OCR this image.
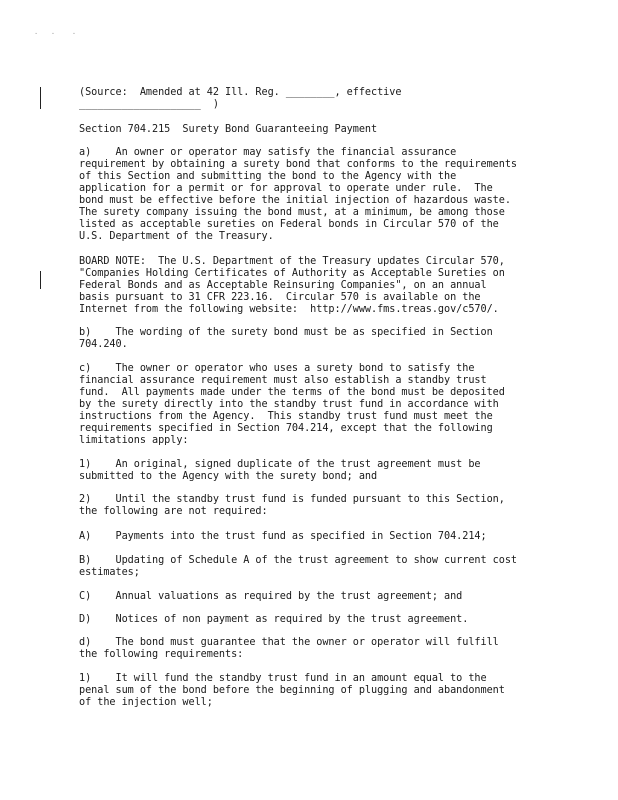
·   ·    ·
(Source:  Amended at 42 Ill. Reg. ________, effective
____________________  )
Section 704.215  Surety Bond Guaranteeing Payment
a)    An owner or operator may satisfy the financial assurance
requirement by obtaining a surety bond that conforms to the requirements
of this Section and submitting the bond to the Agency with the
application for a permit or for approval to operate under rule.  The
bond must be effective before the initial injection of hazardous waste.
The surety company issuing the bond must, at a minimum, be among those
listed as acceptable sureties on Federal bonds in Circular 570 of the
U.S. Department of the Treasury.
BOARD NOTE:  The U.S. Department of the Treasury updates Circular 570,
"Companies Holding Certificates of Authority as Acceptable Sureties on
Federal Bonds and as Acceptable Reinsuring Companies", on an annual
basis pursuant to 31 CFR 223.16.  Circular 570 is available on the
Internet from the following website:  http://www.fms.treas.gov/c570/.
b)    The wording of the surety bond must be as specified in Section
704.240.
c)    The owner or operator who uses a surety bond to satisfy the
financial assurance requirement must also establish a standby trust
fund.  All payments made under the terms of the bond must be deposited
by the surety directly into the standby trust fund in accordance with
instructions from the Agency.  This standby trust fund must meet the
requirements specified in Section 704.214, except that the following
limitations apply:
1)    An original, signed duplicate of the trust agreement must be
submitted to the Agency with the surety bond; and
2)    Until the standby trust fund is funded pursuant to this Section,
the following are not required:
A)    Payments into the trust fund as specified in Section 704.214;
B)    Updating of Schedule A of the trust agreement to show current cost
estimates;
C)    Annual valuations as required by the trust agreement; and
D)    Notices of non payment as required by the trust agreement.
d)    The bond must guarantee that the owner or operator will fulfill
the following requirements:
1)    It will fund the standby trust fund in an amount equal to the
penal sum of the bond before the beginning of plugging and abandonment
of the injection well;
